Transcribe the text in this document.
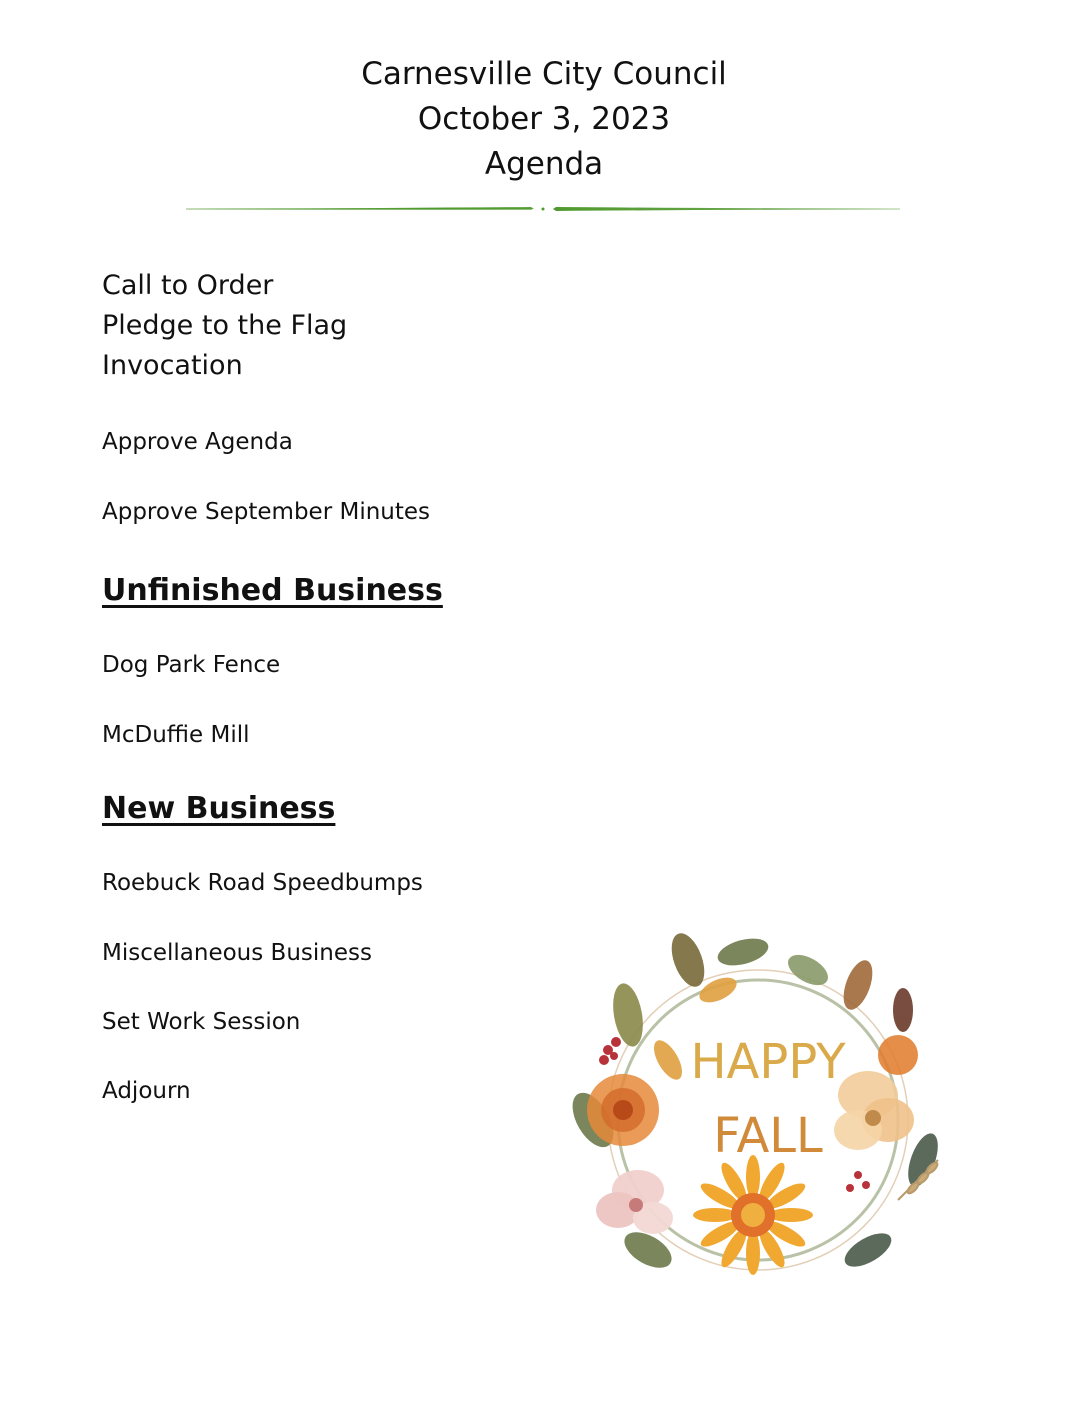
Carnesville City Council
October 3, 2023
Agenda
Call to Order
Pledge to the Flag
Invocation
Approve Agenda
Approve September Minutes
Unfinished Business
Dog Park Fence
McDuffie Mill
New Business
Roebuck Road Speedbumps
Miscellaneous Business
Set Work Session
Adjourn
HAPPY
FALL
